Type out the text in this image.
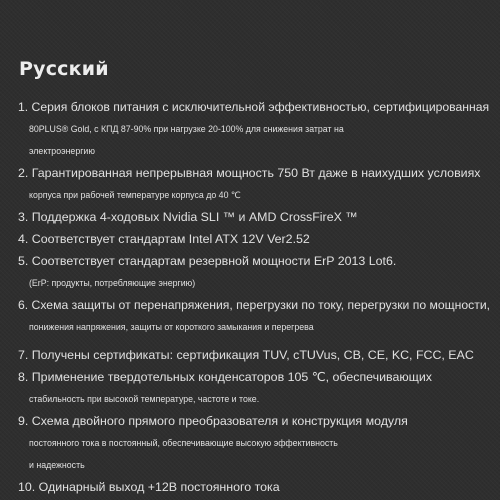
Русский
1. Серия блоков питания с исключительной эффективностью, сертифицированная
80PLUS® Gold, с КПД 87-90% при нагрузке 20-100% для снижения затрат на
электроэнергию
2. Гарантированная непрерывная мощность 750 Вт даже в наихудших условиях
корпуса при рабочей температуре корпуса до 40 ℃
3. Поддержка 4-ходовых Nvidia SLI ™ и AMD CrossFireX ™
4. Соответствует стандартам Intel ATX 12V Ver2.52
5. Соответствует стандартам резервной мощности ErP 2013 Lot6.
(ErP: продукты, потребляющие энергию)
6. Схема защиты от перенапряжения, перегрузки по току, перегрузки по мощности,
понижения напряжения, защиты от короткого замыкания и перегрева
7. Получены сертификаты: сертификация TUV, cTUVus, CB, CE, KC, FCC, EAC
8. Применение твердотельных конденсаторов 105 ℃, обеспечивающих
стабильность при высокой температуре, частоте и токе.
9. Схема двойного прямого преобразователя и конструкция модуля
постоянного тока в постоянный, обеспечивающие высокую эффективность
и надежность
10. Одинарный выход +12В постоянного тока
